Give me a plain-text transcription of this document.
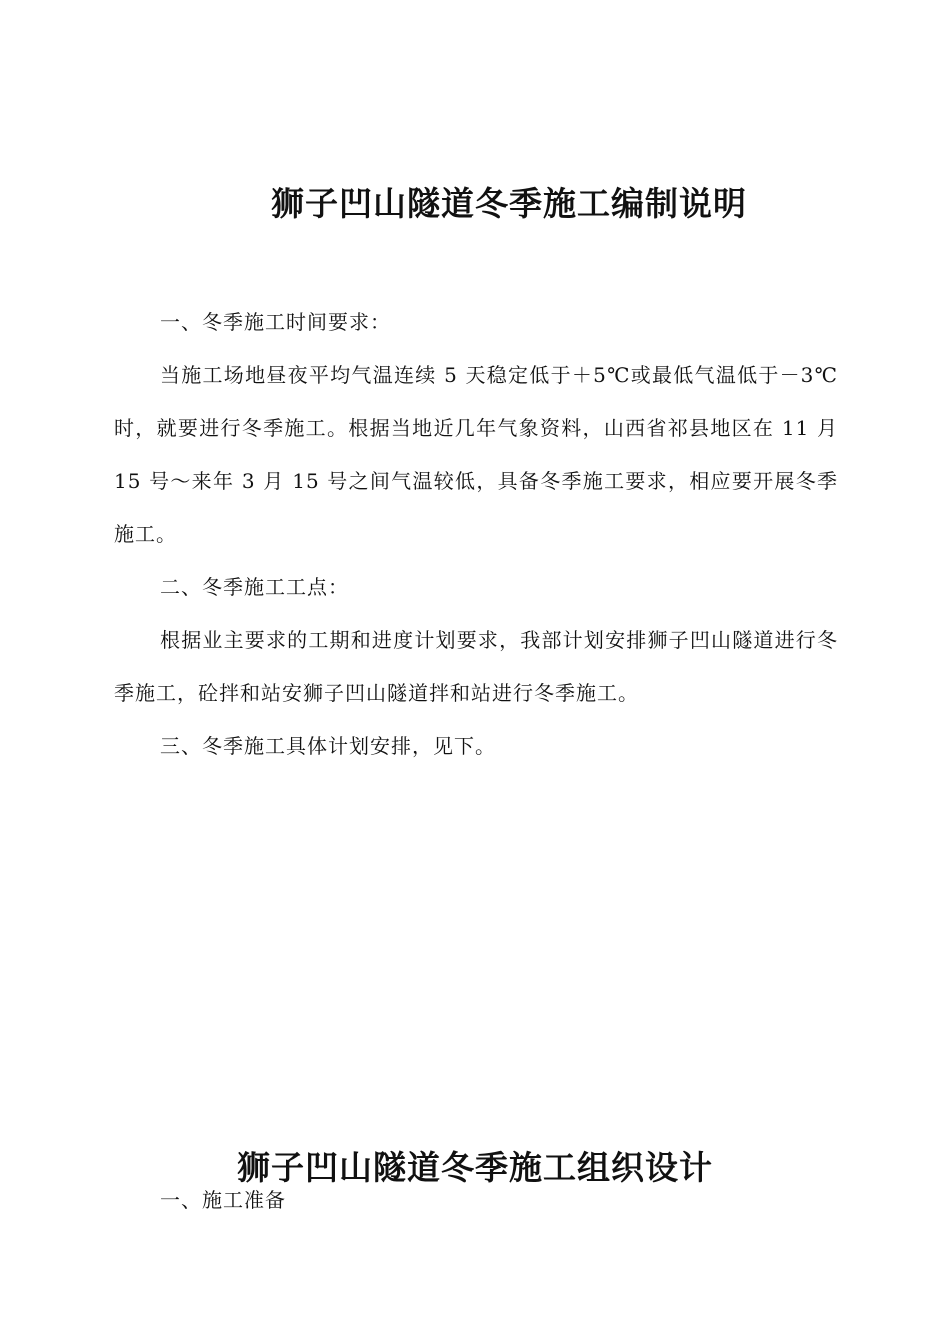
狮子凹山隧道冬季施工编制说明

一、冬季施工时间要求：

当施工场地昼夜平均气温连续 5 天稳定低于＋5℃或最低气温低于－3℃时，就要进行冬季施工。根据当地近几年气象资料，山西省祁县地区在 11 月 15 号～来年 3 月 15 号之间气温较低，具备冬季施工要求，相应要开展冬季施工。

二、冬季施工工点：

根据业主要求的工期和进度计划要求，我部计划安排狮子凹山隧道进行冬季施工，砼拌和站安狮子凹山隧道拌和站进行冬季施工。

三、冬季施工具体计划安排，见下。

狮子凹山隧道冬季施工组织设计

一、施工准备
